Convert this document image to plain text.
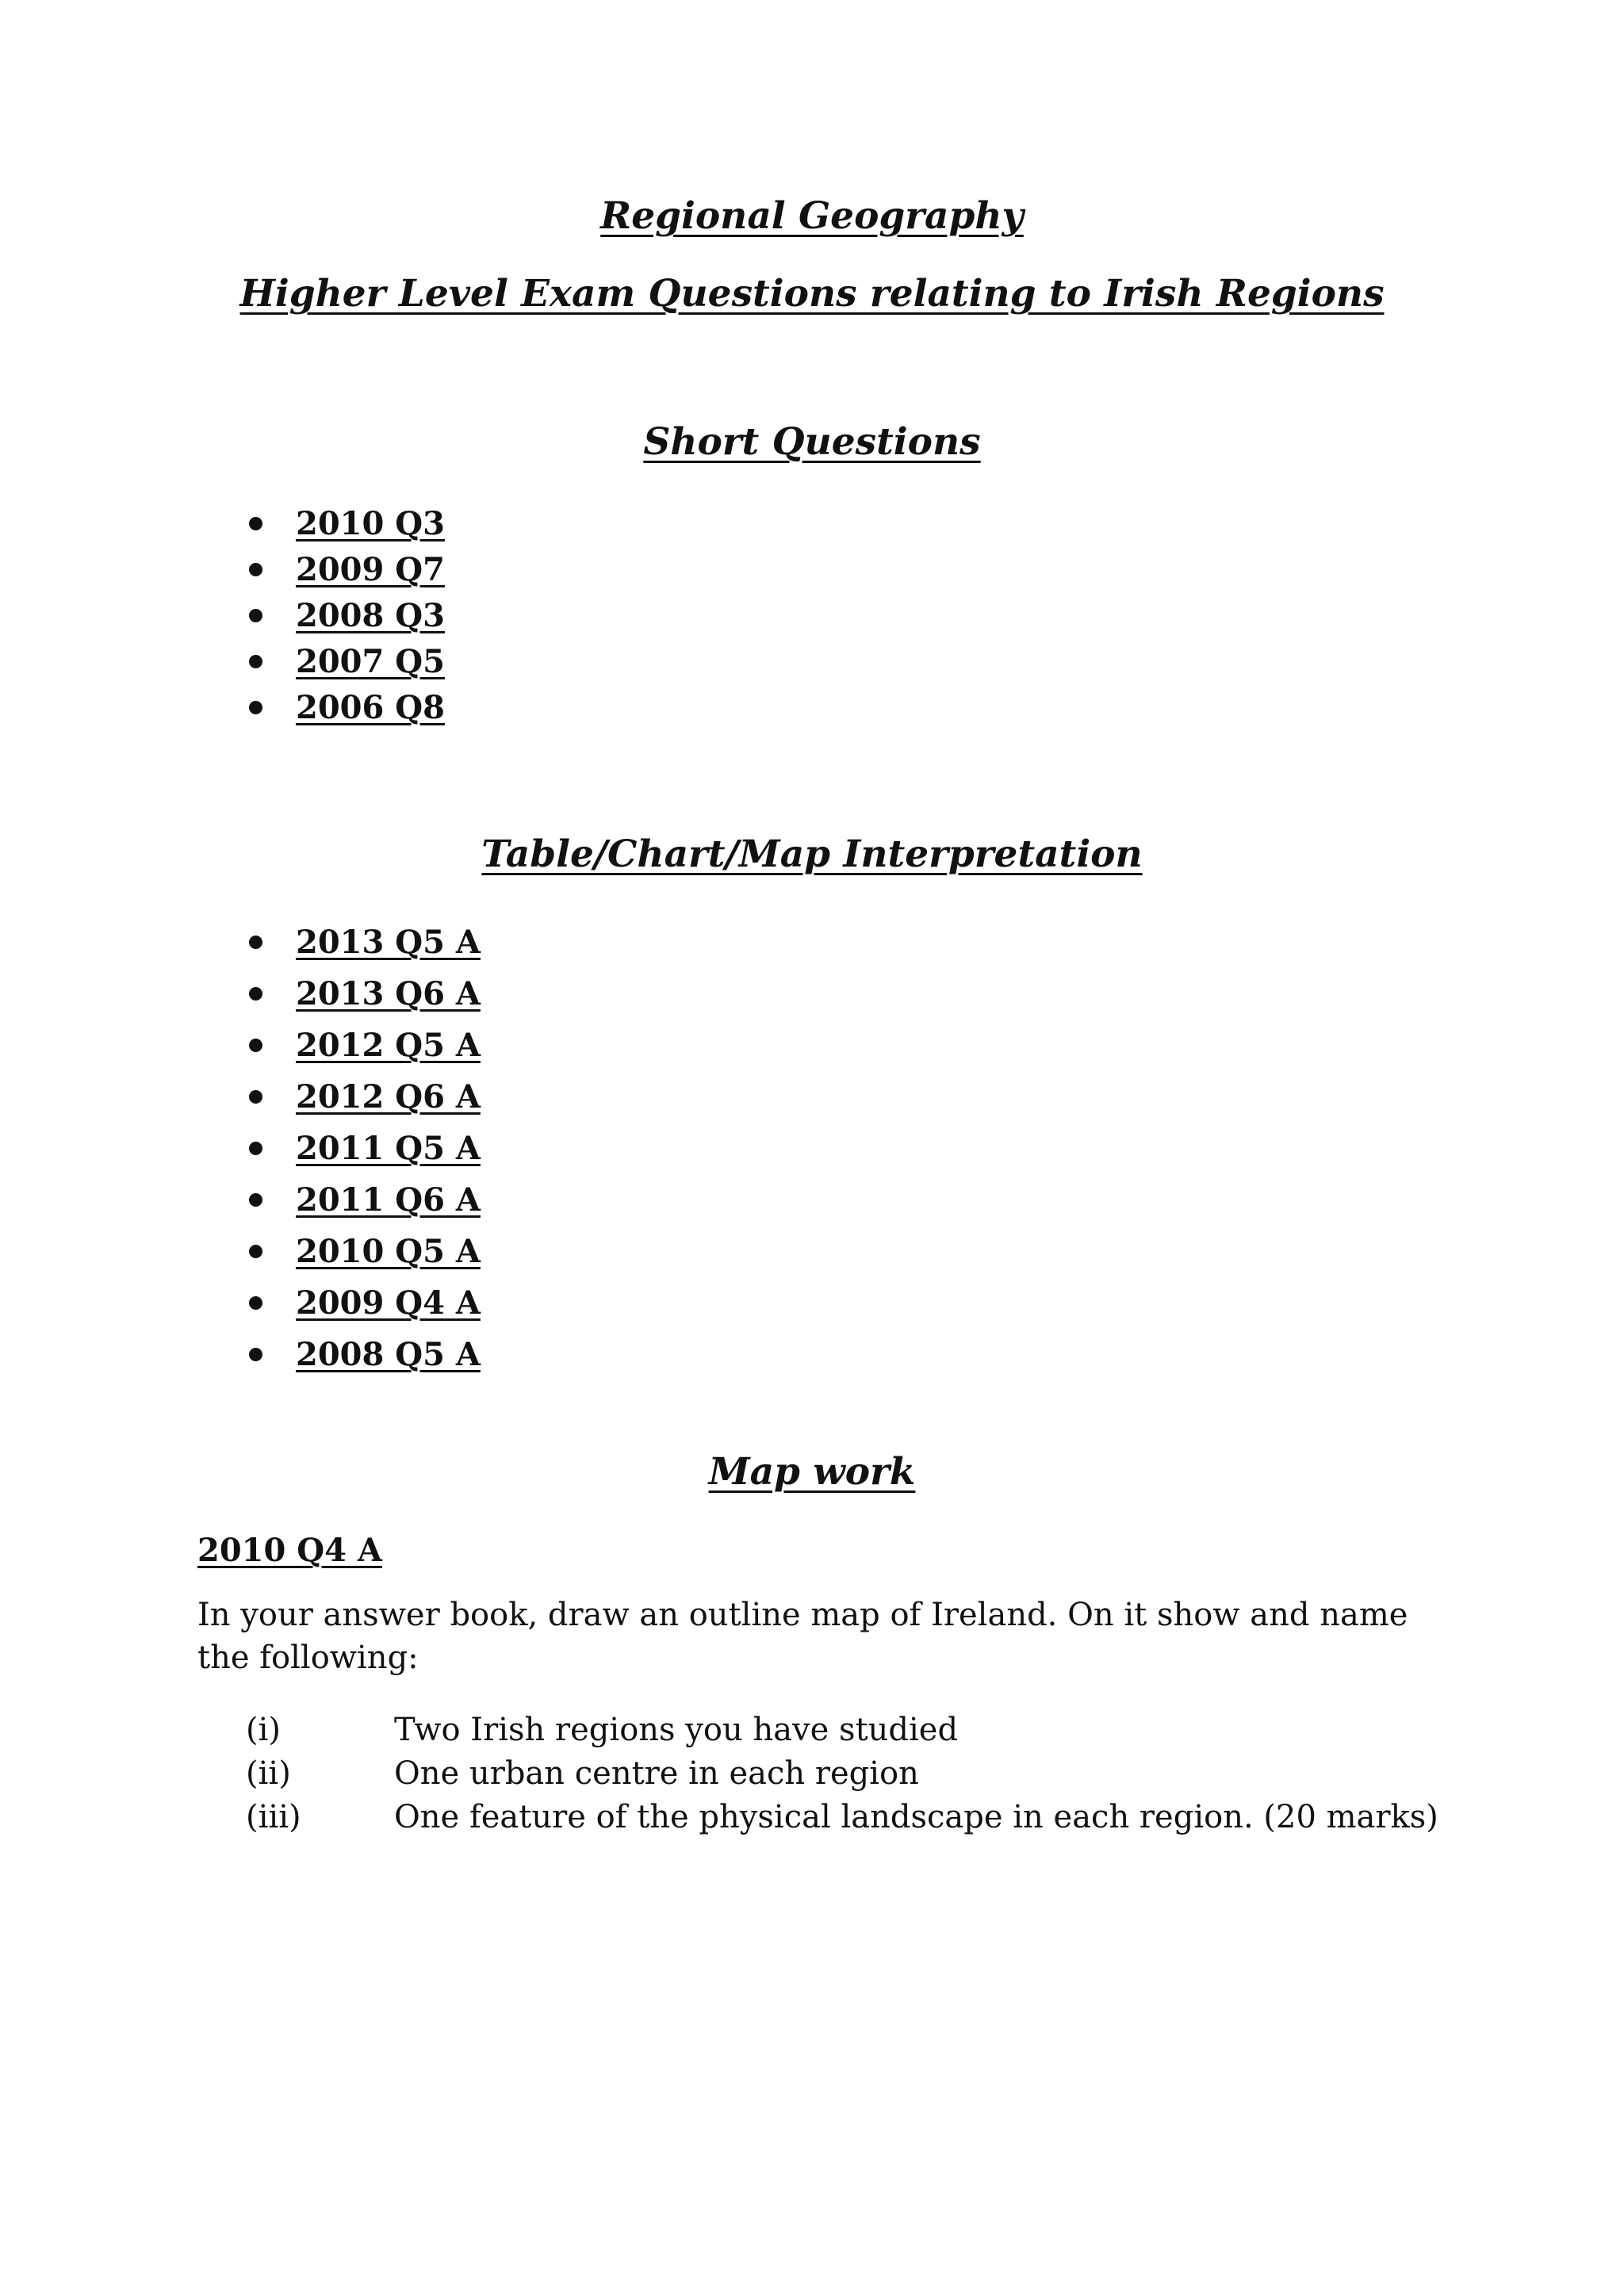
Regional Geography
Higher Level Exam Questions relating to Irish Regions
Short Questions
2010 Q3
2009 Q7
2008 Q3
2007 Q5
2006 Q8
Table/Chart/Map Interpretation
2013 Q5 A
2013 Q6 A
2012 Q5 A
2012 Q6 A
2011 Q5 A
2011 Q6 A
2010 Q5 A
2009 Q4 A
2008 Q5 A
Map work
2010 Q4 A

In your answer book, draw an outline map of Ireland. On it show and name the following:

(i)	Two Irish regions you have studied
(ii)	One urban centre in each region
(iii)	One feature of the physical landscape in each region. (20 marks)
